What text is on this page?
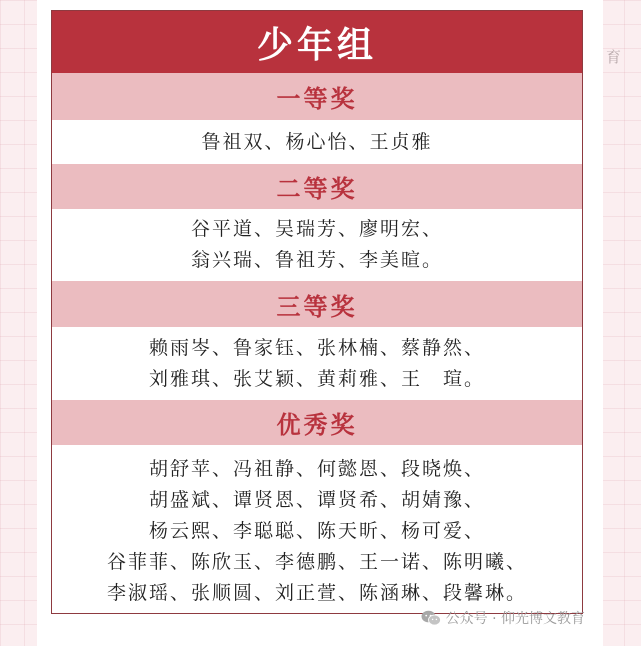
育
少年组
一等奖
鲁祖双、杨心怡、王贞雅
二等奖
谷平道、吴瑞芳、廖明宏、
翁兴瑞、鲁祖芳、李美暄。
三等奖
赖雨岑、鲁家钰、张林楠、蔡静然、
刘雅琪、张艾颖、黄莉雅、王　瑄。
优秀奖
胡舒苹、冯祖静、何懿恩、段晓焕、
胡盛斌、谭贤恩、谭贤希、胡婧豫、
杨云熙、李聪聪、陈天昕、杨可爱、
谷菲菲、陈欣玉、李德鹏、王一诺、陈明曦、
李淑瑶、张顺圆、刘正萱、陈涵琳、段馨琳。
公众号 · 仰光博文教育
